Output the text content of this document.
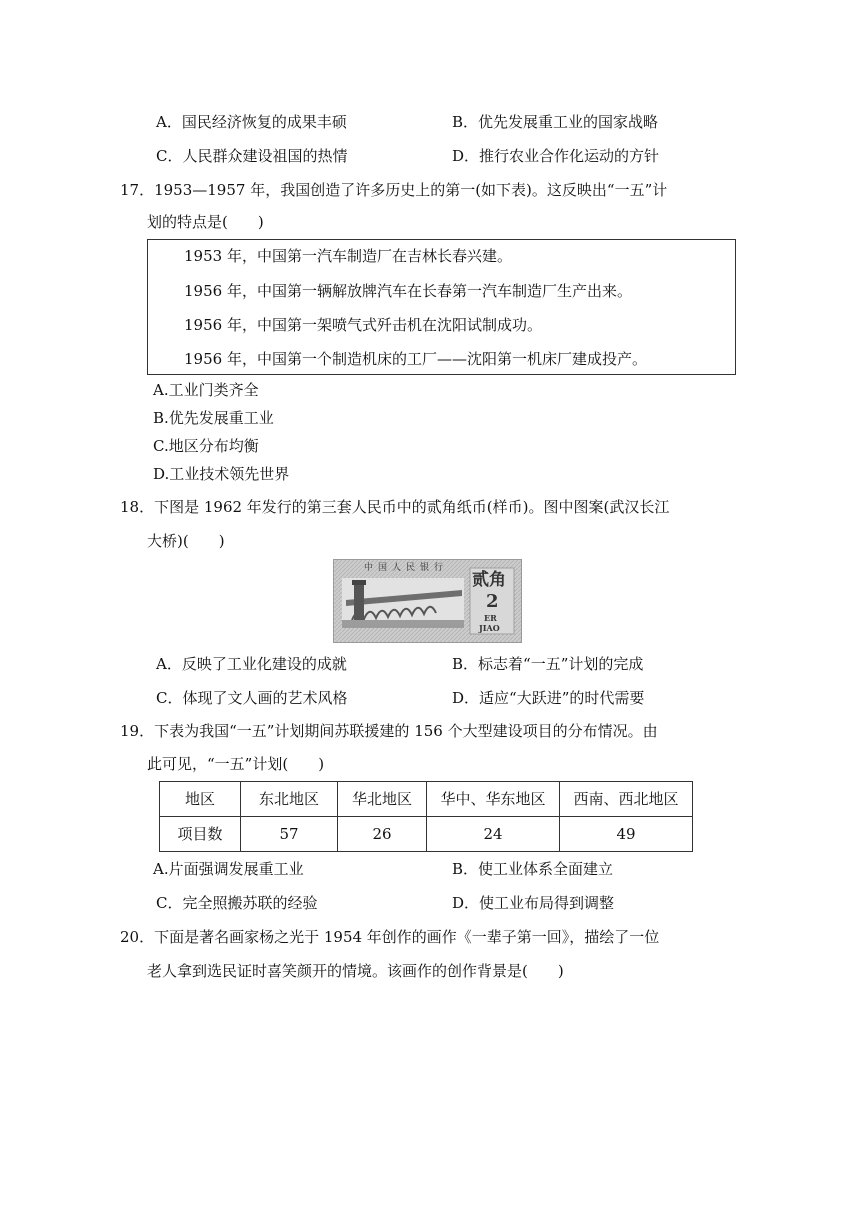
A．国民经济恢复的成果丰硕	B．优先发展重工业的国家战略
C．人民群众建设祖国的热情	D．推行农业合作化运动的方针
17．1953—1957 年，我国创造了许多历史上的第一(如下表)。这反映出“一五”计
划的特点是(　　)
1953 年，中国第一汽车制造厂在吉林长春兴建。
1956 年，中国第一辆解放牌汽车在长春第一汽车制造厂生产出来。
1956 年，中国第一架喷气式歼击机在沈阳试制成功。
1956 年，中国第一个制造机床的工厂——沈阳第一机床厂建成投产。
A.工业门类齐全
B.优先发展重工业
C.地区分布均衡
D.工业技术领先世界
18．下图是 1962 年发行的第三套人民币中的贰角纸币(样币)。图中图案(武汉长江
大桥)(　　)
中国人民银行
贰角
2
ER
JIAO
A．反映了工业化建设的成就	B．标志着“一五”计划的完成
C．体现了文人画的艺术风格	D．适应“大跃进”的时代需要
19．下表为我国“一五”计划期间苏联援建的 156 个大型建设项目的分布情况。由
此可见，“一五”计划(　　)
地区	东北地区	华北地区	华中、华东地区	西南、西北地区
项目数	57	26	24	49
A.片面强调发展重工业	B．使工业体系全面建立
C．完全照搬苏联的经验	D．使工业布局得到调整
20．下面是著名画家杨之光于 1954 年创作的画作《一辈子第一回》，描绘了一位
老人拿到选民证时喜笑颜开的情境。该画作的创作背景是(　　)
